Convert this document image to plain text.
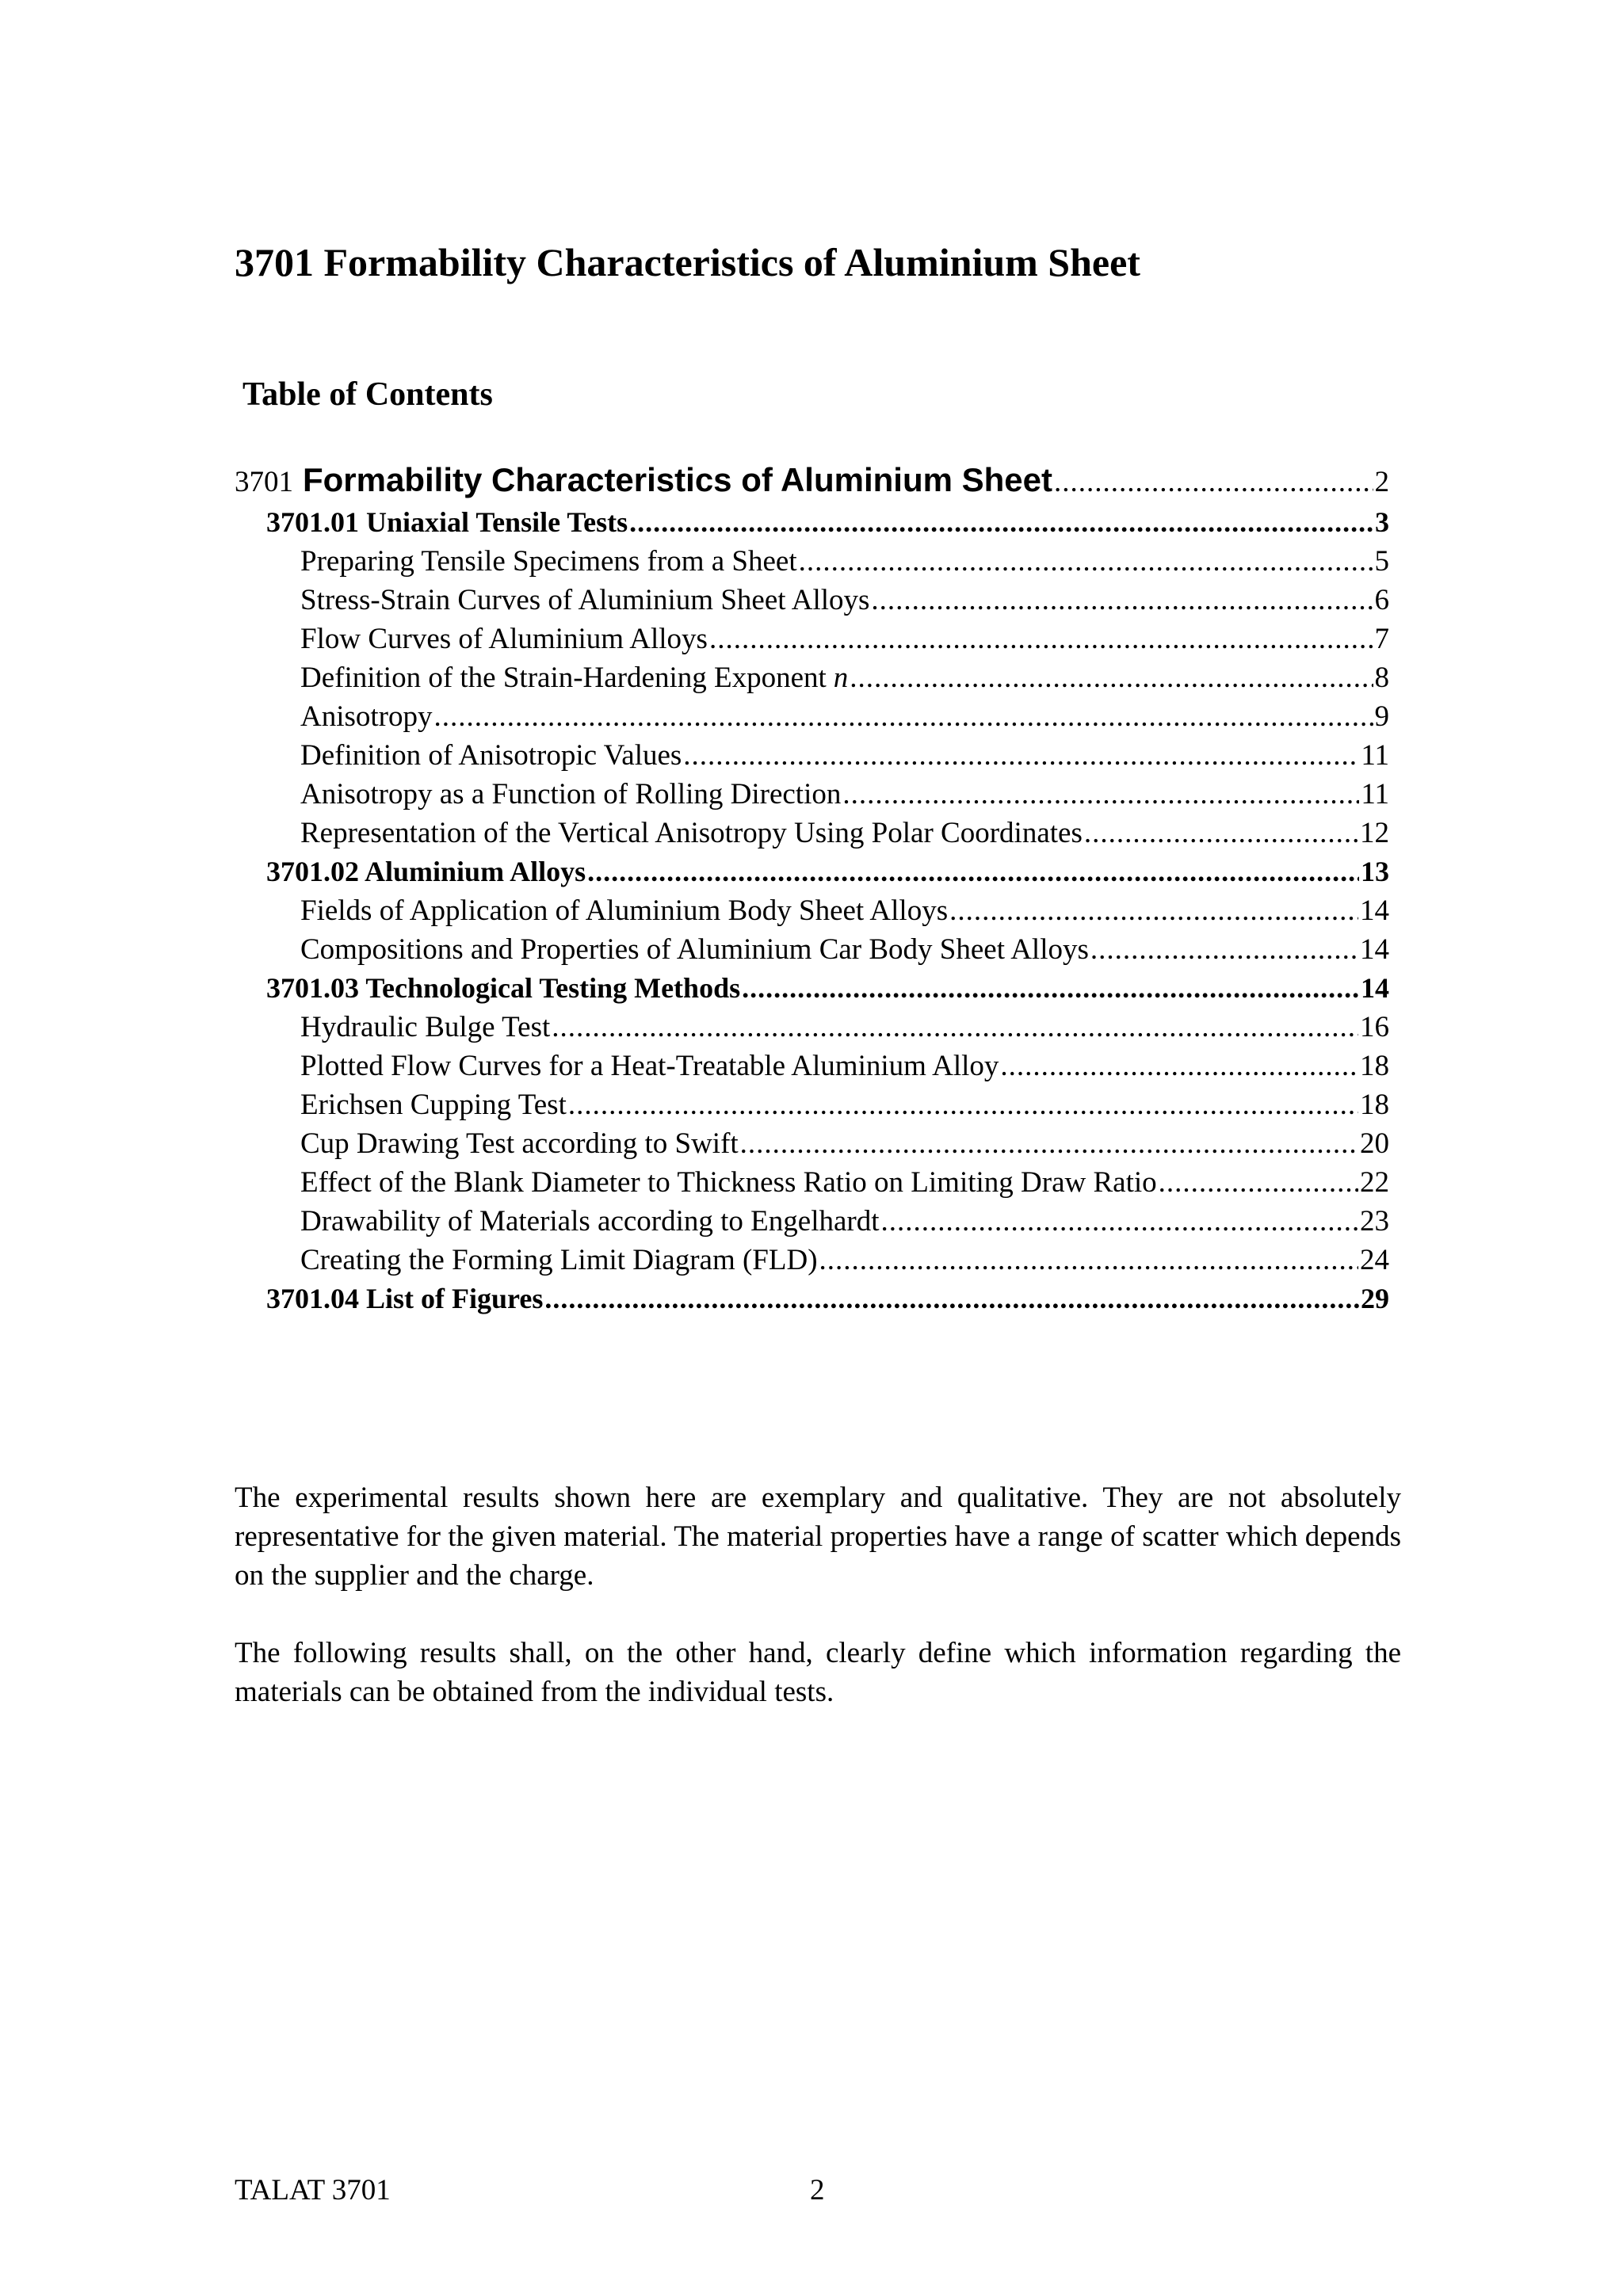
3701 Formability Characteristics of Aluminium Sheet
Table of Contents
3701 Formability Characteristics of Aluminium Sheet .....	2
3701.01 Uniaxial Tensile Tests .....	3
Preparing Tensile Specimens from a Sheet .....	5
Stress-Strain Curves of Aluminium Sheet Alloys .....	6
Flow Curves of Aluminium Alloys .....	7
Definition of the Strain-Hardening Exponent n .....	8
Anisotropy .....	9
Definition of Anisotropic Values .....	11
Anisotropy as a Function of Rolling Direction .....	11
Representation of the Vertical Anisotropy Using Polar Coordinates .....	12
3701.02 Aluminium Alloys .....	13
Fields of Application of Aluminium Body Sheet Alloys .....	14
Compositions and Properties of Aluminium Car Body Sheet Alloys .....	14
3701.03 Technological Testing Methods .....	14
Hydraulic Bulge Test .....	16
Plotted Flow Curves for a Heat-Treatable Aluminium Alloy .....	18
Erichsen Cupping Test .....	18
Cup Drawing Test according to Swift .....	20
Effect of the Blank Diameter to Thickness Ratio on Limiting Draw Ratio .....	22
Drawability of Materials according to Engelhardt .....	23
Creating the Forming Limit Diagram (FLD) .....	24
3701.04 List of Figures .....	29

The experimental results shown here are exemplary and qualitative. They are not absolutely representative for the given material. The material properties have a range of scatter which depends on the supplier and the charge.

The following results shall, on the other hand, clearly define which information regarding the materials can be obtained from the individual tests.

TALAT 3701	2
